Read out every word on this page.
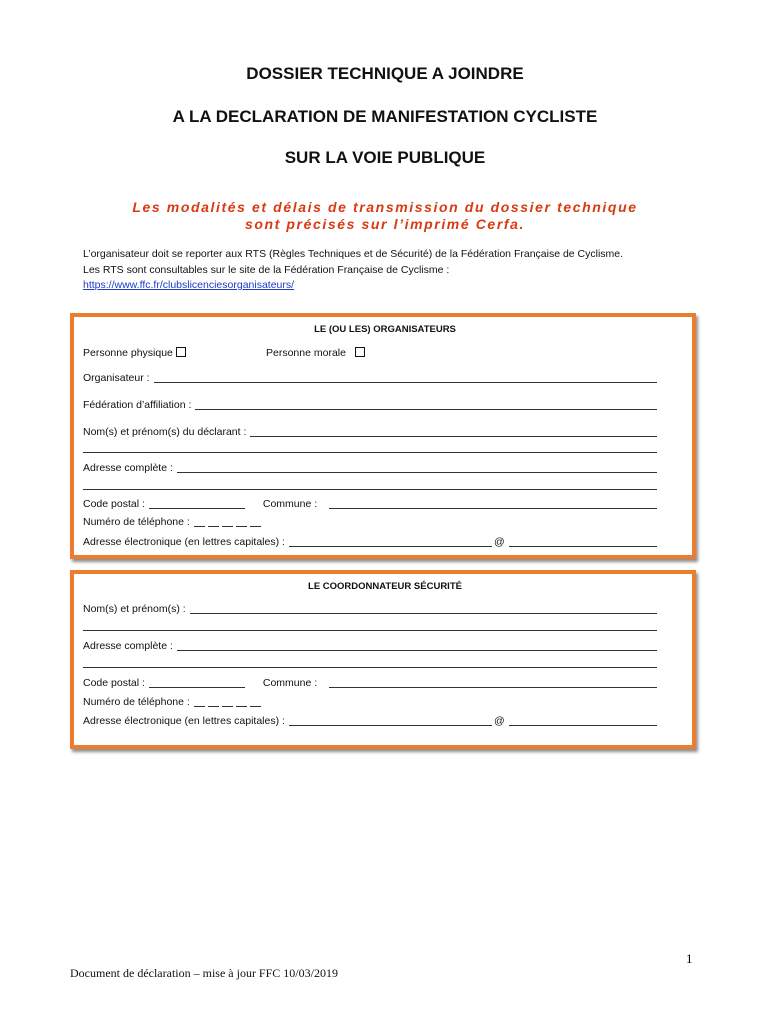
DOSSIER TECHNIQUE A JOINDRE
A LA DECLARATION DE MANIFESTATION CYCLISTE
SUR LA VOIE PUBLIQUE
Les modalités et délais de transmission du dossier technique
sont précisés sur l’imprimé Cerfa.
L’organisateur doit se reporter aux RTS (Règles Techniques et de Sécurité) de la Fédération Française de Cyclisme.
Les RTS sont consultables sur le site de la Fédération Française de Cyclisme :
https://www.ffc.fr/clubslicenciesorganisateurs/
LE (OU LES) ORGANISATEURS
Personne physique	Personne morale
Organisateur :
Fédération d’affiliation :
Nom(s) et prénom(s) du déclarant :
Adresse complète :
Code postal :	Commune :
Numéro de téléphone :
Adresse électronique (en lettres capitales) :	@
LE COORDONNATEUR SÉCURITÉ
Nom(s) et prénom(s) :
Adresse complète :
Code postal :	Commune :
Numéro de téléphone :
Adresse électronique (en lettres capitales) :	@
1
Document de déclaration – mise à jour FFC 10/03/2019
